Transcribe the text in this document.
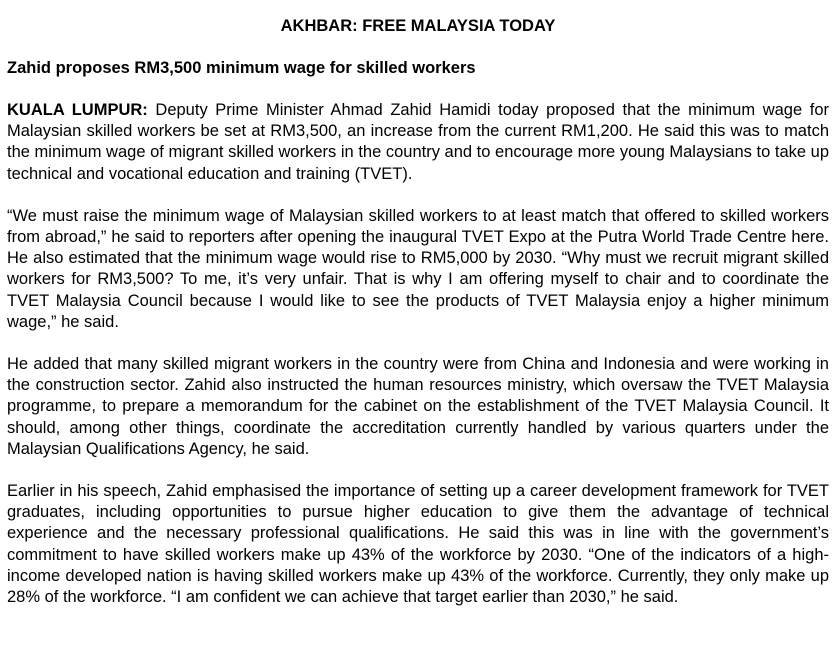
AKHBAR: FREE MALAYSIA TODAY
Zahid proposes RM3,500 minimum wage for skilled workers

KUALA LUMPUR: Deputy Prime Minister Ahmad Zahid Hamidi today proposed that the minimum wage for Malaysian skilled workers be set at RM3,500, an increase from the current RM1,200. He said this was to match the minimum wage of migrant skilled workers in the country and to encourage more young Malaysians to take up technical and vocational education and training (TVET).

“We must raise the minimum wage of Malaysian skilled workers to at least match that offered to skilled workers from abroad,” he said to reporters after opening the inaugural TVET Expo at the Putra World Trade Centre here. He also estimated that the minimum wage would rise to RM5,000 by 2030. “Why must we recruit migrant skilled workers for RM3,500? To me, it’s very unfair. That is why I am offering myself to chair and to coordinate the TVET Malaysia Council because I would like to see the products of TVET Malaysia enjoy a higher minimum wage,” he said.

He added that many skilled migrant workers in the country were from China and Indonesia and were working in the construction sector. Zahid also instructed the human resources ministry, which oversaw the TVET Malaysia programme, to prepare a memorandum for the cabinet on the establishment of the TVET Malaysia Council. It should, among other things, coordinate the accreditation currently handled by various quarters under the Malaysian Qualifications Agency, he said.

Earlier in his speech, Zahid emphasised the importance of setting up a career development framework for TVET graduates, including opportunities to pursue higher education to give them the advantage of technical experience and the necessary professional qualifications. He said this was in line with the government’s commitment to have skilled workers make up 43% of the workforce by 2030. “One of the indicators of a high-income developed nation is having skilled workers make up 43% of the workforce. Currently, they only make up 28% of the workforce. “I am confident we can achieve that target earlier than 2030,” he said.
